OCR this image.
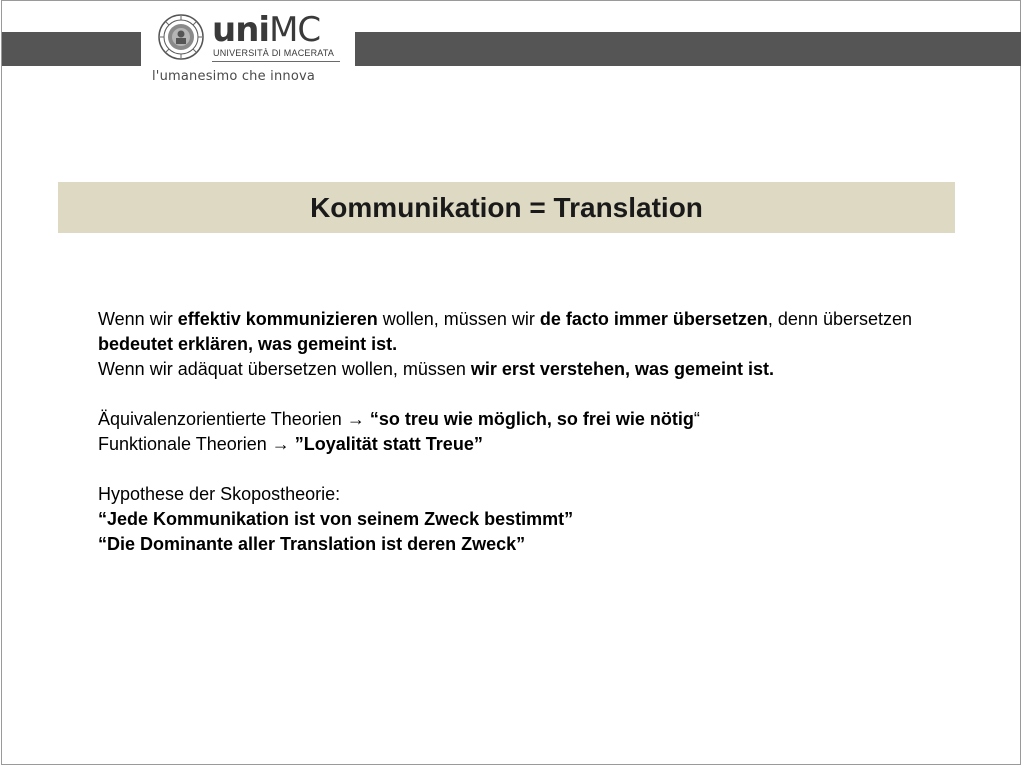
uniMC
UNIVERSITÀ DI MACERATA
l'umanesimo che innova
Kommunikation = Translation

Wenn wir effektiv kommunizieren wollen, müssen wir de facto immer übersetzen, denn übersetzen bedeutet erklären, was gemeint ist.

Wenn wir adäquat übersetzen wollen, müssen wir erst verstehen, was gemeint ist.

Äquivalenzorientierte Theorien → “so treu wie möglich, so frei wie nötig“

Funktionale Theorien → ”Loyalität statt Treue”

Hypothese der Skopostheorie:

“Jede Kommunikation ist von seinem Zweck bestimmt”

“Die Dominante aller Translation ist deren Zweck”
